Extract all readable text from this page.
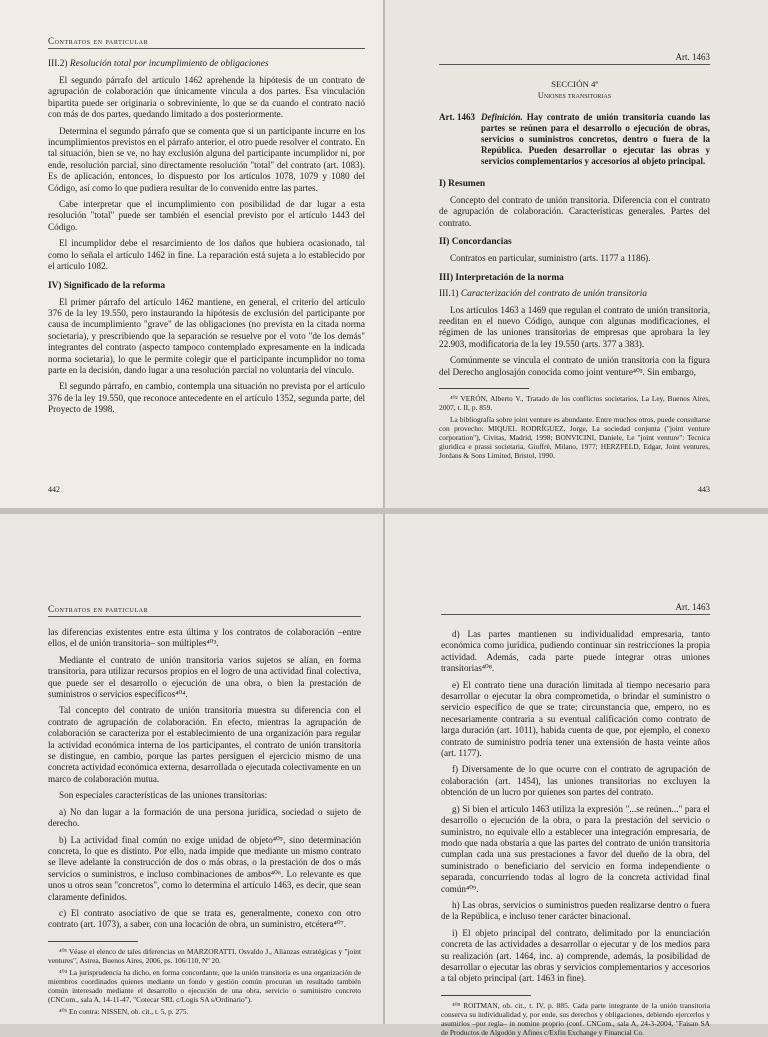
Contratos en particular
III.2) Resolución total por incumplimiento de obligaciones

El segundo párrafo del artículo 1462 aprehende la hipótesis de un contrato de agrupación de colaboración que únicamente vincula a dos partes. Esa vinculación bipartita puede ser originaria o sobreviniente, lo que se da cuando el contrato nació con más de dos partes, quedando limitado a dos posteriormente.

Determina el segundo párrafo que se comenta que si un participante incurre en los incumplimientos previstos en el párrafo anterior, el otro puede resolver el contrato. En tal situación, bien se ve, no hay exclusión alguna del participante incumplidor ni, por ende, resolución parcial, sino directamente resolución "total" del contrato (art. 1083). Es de aplicación, entonces, lo dispuesto por los artículos 1078, 1079 y 1080 del Código, así como lo que pudiera resultar de lo convenido entre las partes.

Cabe interpretar que el incumplimiento con posibilidad de dar lugar a esta resolución "total" puede ser también el esencial previsto por el artículo 1443 del Código.

El incumplidor debe el resarcimiento de los daños que hubiera ocasionado, tal como lo señala el artículo 1462 in fine. La reparación está sujeta a lo establecido por el artículo 1082.

IV) Significado de la reforma

El primer párrafo del artículo 1462 mantiene, en general, el criterio del artículo 376 de la ley 19.550, pero instaurando la hipótesis de exclusión del participante por causa de incumplimiento "grave" de las obligaciones (no prevista en la citada norma societaria), y prescribiendo que la separación se resuelve por el voto "de los demás" integrantes del contrato (aspecto tampoco contemplado expresamente en la indicada norma societaria), lo que le permite colegir que el participante incumplidor no toma parte en la decisión, dando lugar a una resolución parcial no voluntaria del vínculo.

El segundo párrafo, en cambio, contempla una situación no prevista por el artículo 376 de la ley 19.550, que reconoce antecedente en el artículo 1352, segunda parte, del Proyecto de 1998.

442
Art. 1463
SECCIÓN 4ª
Uniones transitorias
Art. 1463 Definición. Hay contrato de unión transitoria cuando las partes se reúnen para el desarrollo o ejecución de obras, servicios o suministros concretos, dentro o fuera de la República. Pueden desarrollar o ejecutar las obras y servicios complementarios y accesorios al objeto principal.
I) Resumen

Concepto del contrato de unión transitoria. Diferencia con el contrato de agrupación de colaboración. Características generales. Partes del contrato.

II) Concordancias

Contratos en particular, suministro (arts. 1177 a 1186).

III) Interpretación de la norma
III.1) Caracterización del contrato de unión transitoria

Los artículos 1463 a 1469 que regulan el contrato de unión transitoria, reeditan en el nuevo Código, aunque con algunas modificaciones, el régimen de las uniones transitorias de empresas que aprobara la ley 22.903, modificatoria de la ley 19.550 (arts. 377 a 383).

Comúnmente se vincula el contrato de unión transitoria con la figura del Derecho anglosajón conocida como joint venture⁴⁰³. Sin embargo,

⁴⁰² VERÓN, Alberto V., Tratado de los conflictos societarios, La Ley, Buenos Aires, 2007, t. II, p. 859.
La bibliografía sobre joint venture es abundante. Entre muchos otros, puede consultarse con provecho: MIQUEL RODRÍGUEZ, Jorge, La sociedad conjunta ("joint venture corporation"), Civitas, Madrid, 1998; BONVICINI, Daniele, Le "joint venture": Tecnica giuridica e prassi societaria, Giuffrè, Milano, 1977; HERZFELD, Edgar, Joint ventures, Jordans & Sons Limited, Bristol, 1990.
443
Contratos en particular

las diferencias existentes entre esta última y los contratos de colaboración –entre ellos, el de unión transitoria– son múltiples⁴⁰³.

Mediante el contrato de unión transitoria varios sujetos se alían, en forma transitoria, para utilizar recursos propios en el logro de una actividad final colectiva, que puede ser el desarrollo o ejecución de una obra, o bien la prestación de suministros o servicios específicos⁴⁰⁴.

Tal concepto del contrato de unión transitoria muestra su diferencia con el contrato de agrupación de colaboración. En efecto, mientras la agrupación de colaboración se caracteriza por el establecimiento de una organización para regular la actividad económica interna de los participantes, el contrato de unión transitoria se distingue, en cambio, porque las partes persiguen el ejercicio mismo de una concreta actividad económica externa, desarrollada o ejecutada colectivamente en un marco de colaboración mutua.

Son especiales características de las uniones transitorias:

a) No dan lugar a la formación de una persona jurídica, sociedad o sujeto de derecho.

b) La actividad final común no exige unidad de objeto⁴⁰⁵, sino determinación concreta, lo que es distinto. Por ello, nada impide que mediante un mismo contrato se lleve adelante la construcción de dos o más obras, o la prestación de dos o más servicios o suministros, e incluso combinaciones de ambos⁴⁰⁶. Lo relevante es que unos u otros sean "concretos", como lo determina el artículo 1463, es decir, que sean claramente definidos.

c) El contrato asociativo de que se trata es, generalmente, conexo con otro contrato (art. 1073), a saber, con una locación de obra, un suministro, etcétera⁴⁰⁷.

⁴⁰³ Véase el elenco de tales diferencias en MARZORATTI, Osvaldo J., Alianzas estratégicas y "joint ventures", Astrea, Buenos Aires, 2006, ps. 106/110, Nº 20.
⁴⁰⁴ La jurisprudencia ha dicho, en forma concordante, que la unión transitoria es una organización de miembros coordinados quienes mediante un fondo y gestión común procuran un resultado también común interesado mediante el desarrollo o ejecución de una obra, servicio o suministro concreto (CNCom., sala A, 14-11-47, "Cotecar SRL c/Logis SA s/Ordinario").
⁴⁰⁵ En contra: NISSEN, ob. cit., t. 5, p. 275.
Art. 1463

d) Las partes mantienen su individualidad empresaria, tanto económica como jurídica, pudiendo continuar sin restricciones la propia actividad. Además, cada parte puede integrar otras uniones transitorias⁴⁰⁸.

e) El contrato tiene una duración limitada al tiempo necesario para desarrollar o ejecutar la obra comprometida, o brindar el suministro o servicio específico de que se trate; circunstancia que, empero, no es necesariamente contraria a su eventual calificación como contrato de larga duración (art. 1011), habida cuenta de que, por ejemplo, el conexo contrato de suministro podría tener una extensión de hasta veinte años (art. 1177).

f) Diversamente de lo que ocurre con el contrato de agrupación de colaboración (art. 1454), las uniones transitorias no excluyen la obtención de un lucro por quienes son partes del contrato.

g) Si bien el artículo 1463 utiliza la expresión "...se reúnen..." para el desarrollo o ejecución de la obra, o para la prestación del servicio o suministro, no equivale ello a establecer una integración empresaria, de modo que nada obstaría a que las partes del contrato de unión transitoria cumplan cada una sus prestaciones a favor del dueño de la obra, del suministrado o beneficiario del servicio en forma independiente o separada, concurriendo todas al logro de la concreta actividad final común⁴⁰⁹.

h) Las obras, servicios o suministros pueden realizarse dentro o fuera de la República, e incluso tener carácter binacional.

i) El objeto principal del contrato, delimitado por la enunciación concreta de las actividades a desarrollar o ejecutar y de los medios para su realización (art. 1464, inc. a) comprende, además, la posibilidad de desarrollar o ejecutar las obras y servicios complementarios y accesorios a tal objeto principal (art. 1463 in fine).

⁴⁰⁸ ROITMAN, ob. cit., t. IV, p. 885. Cada parte integrante de la unión transitoria conserva su individualidad y, por ende, sus derechos y obligaciones, debiendo ejercerlos y asumirlos –por regla– in nomine proprio (conf. CNCom., sala A, 24-3-2004, "Faisan SA de Productos de Algodón y Afines c/Exfin Exchange y Financial Co.
